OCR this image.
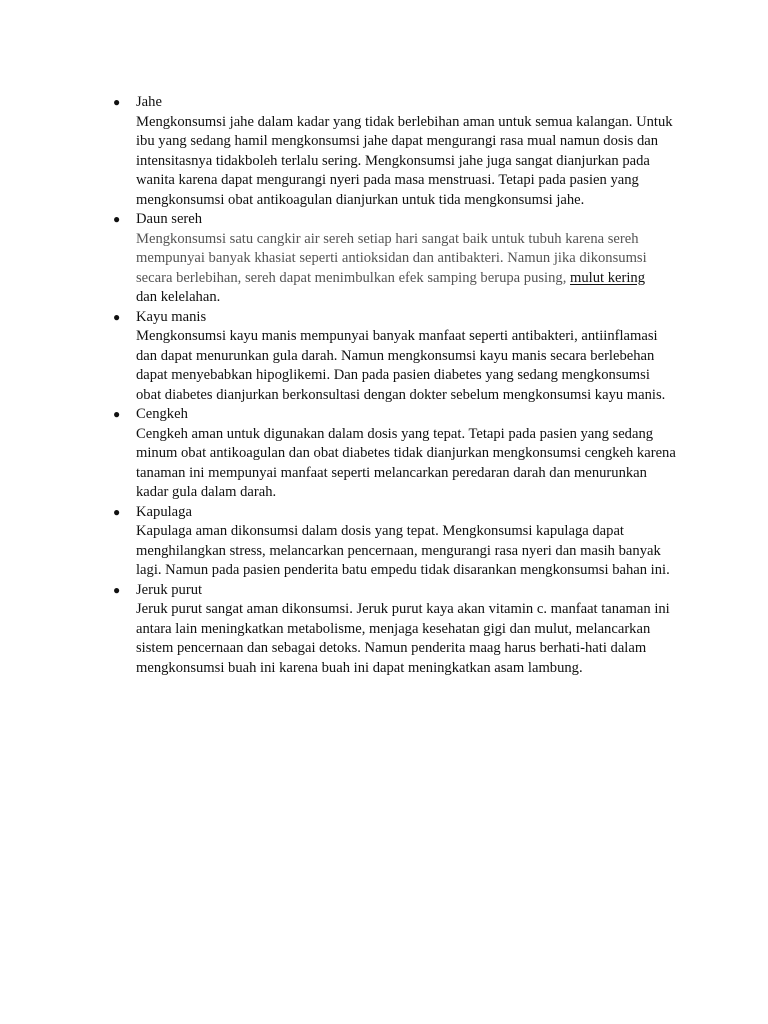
● Jahe
Mengkonsumsi jahe dalam kadar yang tidak berlebihan aman untuk semua kalangan. Untuk ibu yang sedang hamil mengkonsumsi jahe dapat mengurangi rasa mual namun dosis dan intensitasnya tidakboleh terlalu sering. Mengkonsumsi jahe juga sangat dianjurkan pada wanita karena dapat mengurangi nyeri pada masa menstruasi. Tetapi pada pasien yang mengkonsumsi obat antikoagulan dianjurkan untuk tida mengkonsumsi jahe.
● Daun sereh
Mengkonsumsi satu cangkir air sereh setiap hari sangat baik untuk tubuh karena sereh mempunyai banyak khasiat seperti antioksidan dan antibakteri. Namun jika dikonsumsi secara berlebihan, sereh dapat menimbulkan efek samping berupa pusing, mulut kering
dan kelelahan.
● Kayu manis
Mengkonsumsi kayu manis mempunyai banyak manfaat seperti antibakteri, antiinflamasi dan dapat menurunkan gula darah. Namun mengkonsumsi kayu manis secara berlebehan dapat menyebabkan hipoglikemi. Dan pada pasien diabetes yang sedang mengkonsumsi obat diabetes dianjurkan berkonsultasi dengan dokter sebelum mengkonsumsi kayu manis.
● Cengkeh
Cengkeh aman untuk digunakan dalam dosis yang tepat. Tetapi pada pasien yang sedang minum obat antikoagulan dan obat diabetes tidak dianjurkan mengkonsumsi cengkeh karena tanaman ini mempunyai manfaat seperti melancarkan peredaran darah dan menurunkan kadar gula dalam darah.
● Kapulaga
Kapulaga aman dikonsumsi dalam dosis yang tepat. Mengkonsumsi kapulaga dapat menghilangkan stress, melancarkan pencernaan, mengurangi rasa nyeri dan masih banyak lagi. Namun pada pasien penderita batu empedu tidak disarankan mengkonsumsi bahan ini.
● Jeruk purut
Jeruk purut sangat aman dikonsumsi. Jeruk purut kaya akan vitamin c. manfaat tanaman ini antara lain meningkatkan metabolisme, menjaga kesehatan gigi dan mulut, melancarkan sistem pencernaan dan sebagai detoks. Namun penderita maag harus berhati-hati dalam mengkonsumsi buah ini karena buah ini dapat meningkatkan asam lambung.
